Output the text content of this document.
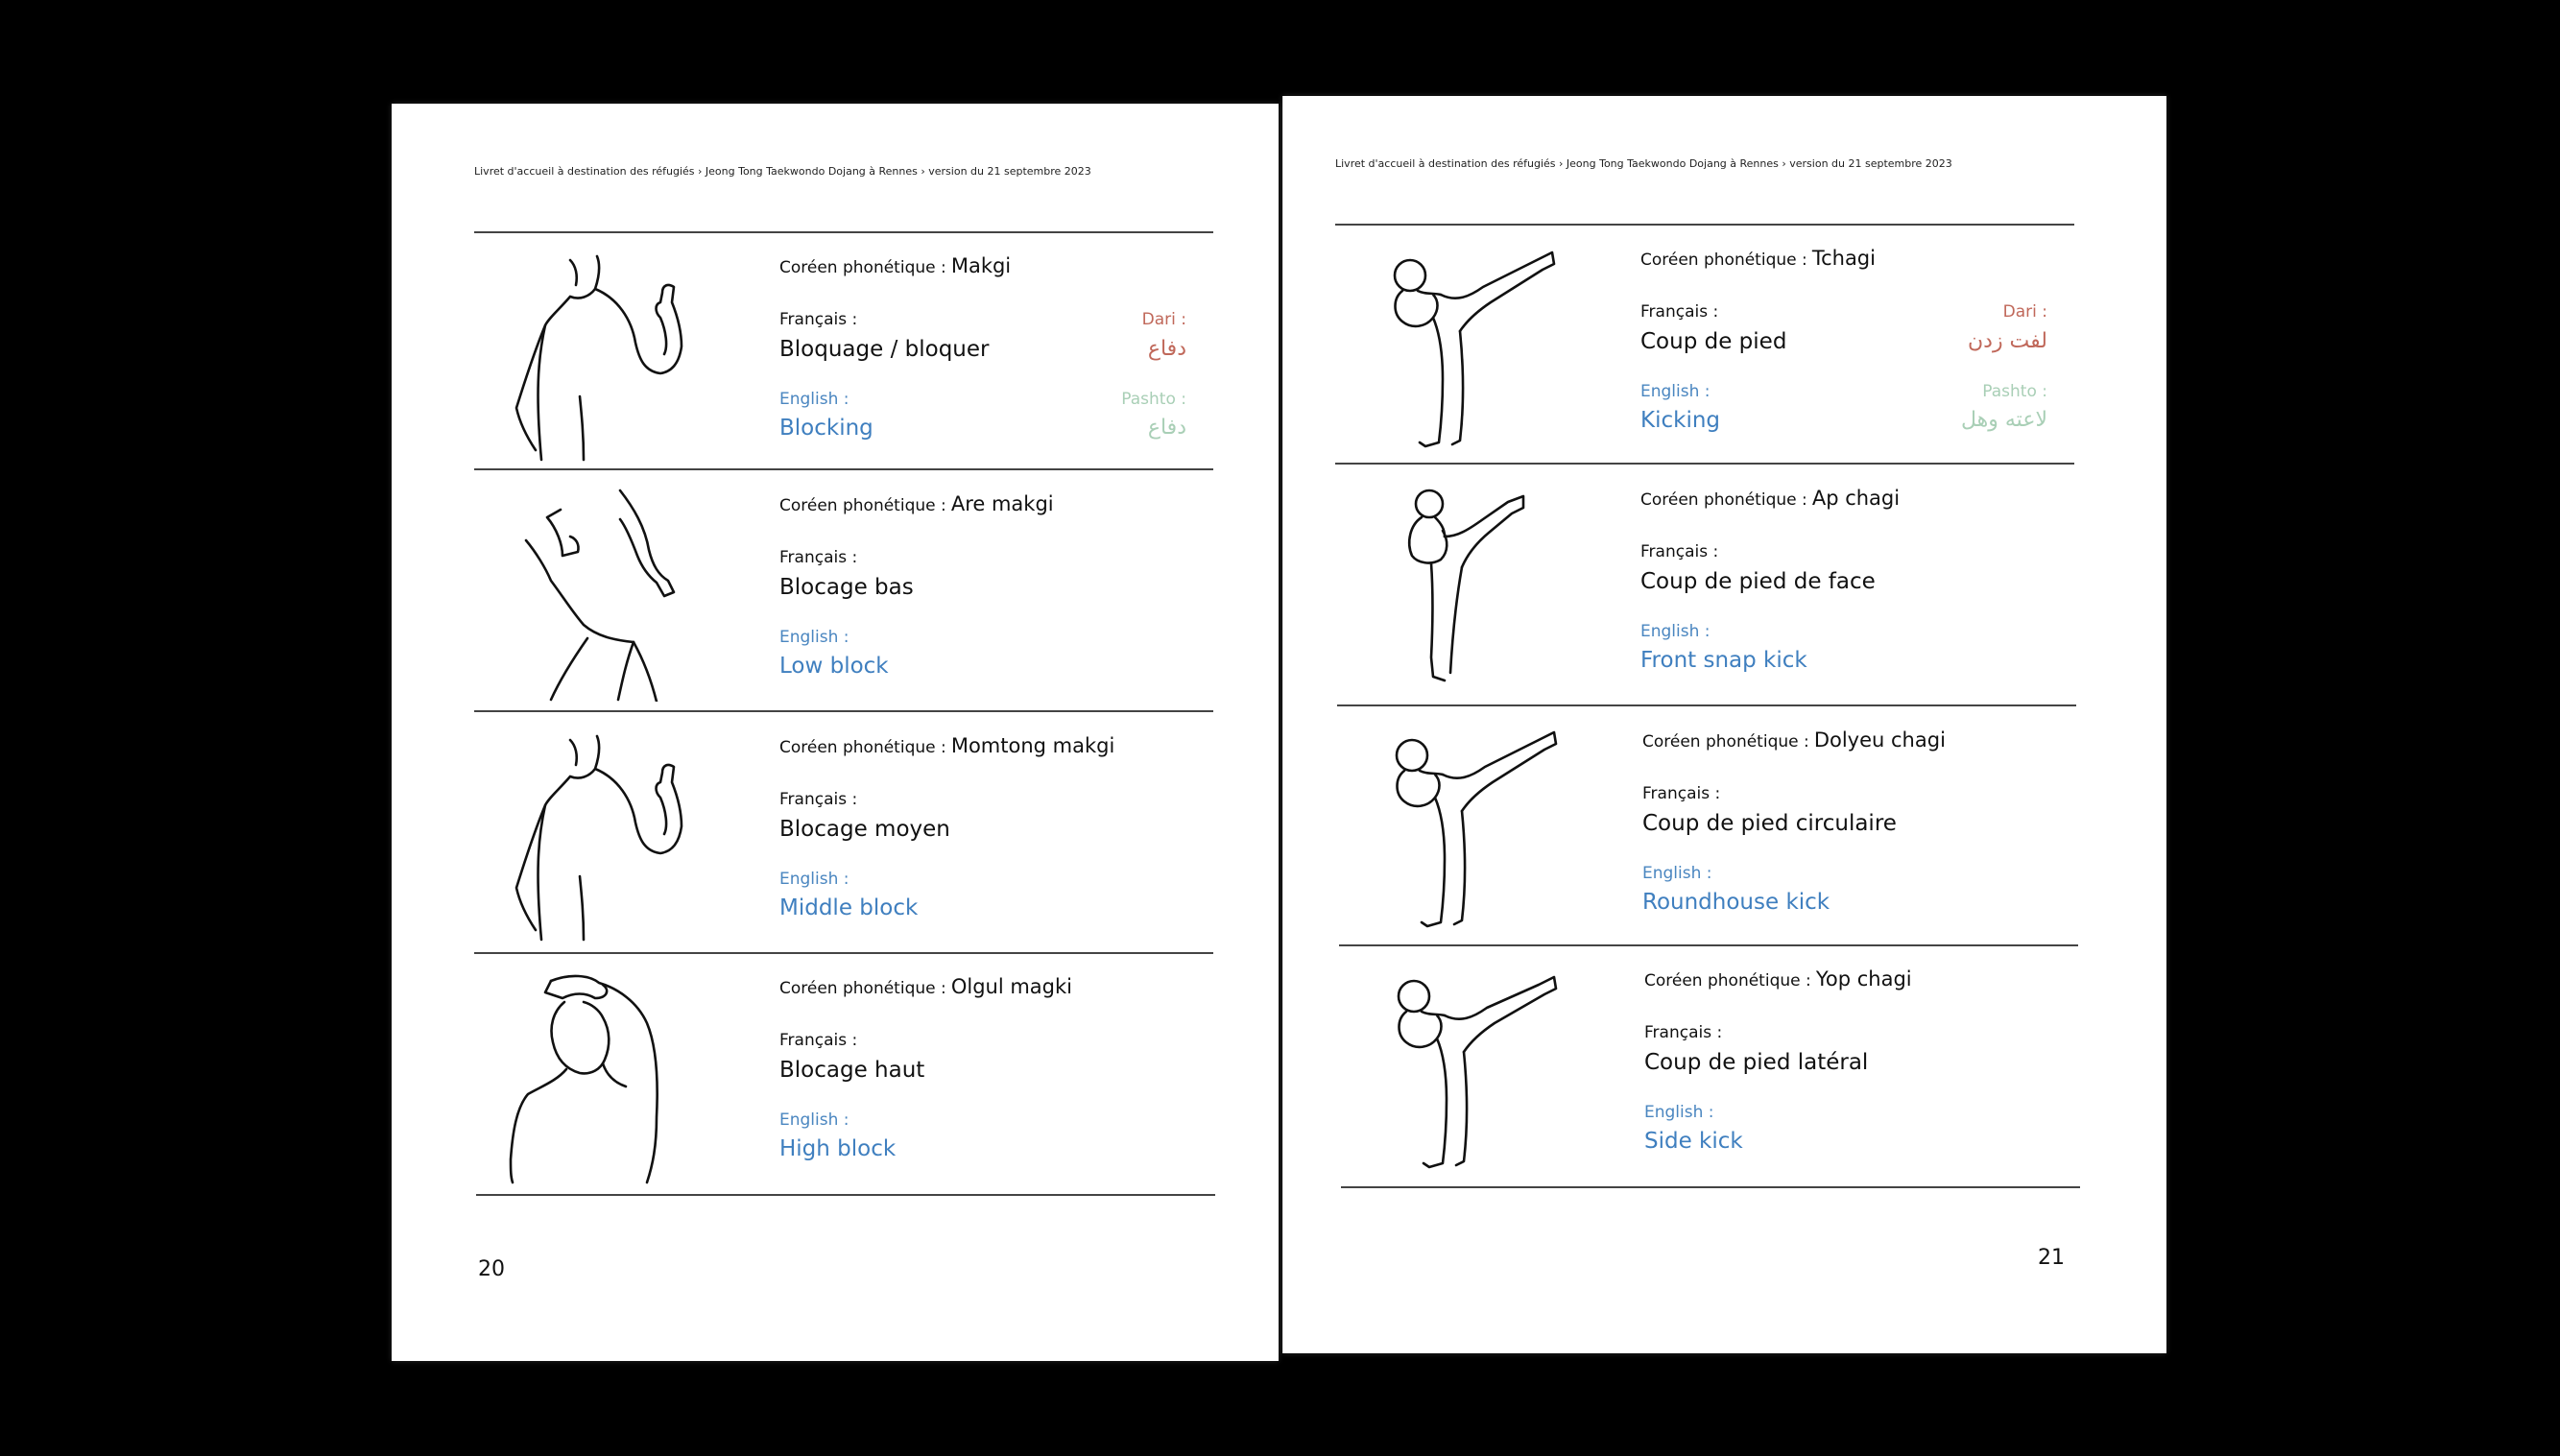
Livret d'accueil à destination des réfugiés › Jeong Tong Taekwondo Dojang à Rennes › version du 21 septembre 2023
Coréen phonétique : Makgi
Français :
Bloquage / bloquer
English :
Blocking
Dari :
دفاع
Pashto :
دفاع
Coréen phonétique : Are makgi
Français :
Blocage bas
English :
Low block
Coréen phonétique : Momtong makgi
Français :
Blocage moyen
English :
Middle block
Coréen phonétique : Olgul magki
Français :
Blocage haut
English :
High block
20
Livret d'accueil à destination des réfugiés › Jeong Tong Taekwondo Dojang à Rennes › version du 21 septembre 2023
Coréen phonétique : Tchagi
Français :
Coup de pied
English :
Kicking
Dari :
لفت زدن
Pashto :
لاعته وهل
Coréen phonétique : Ap chagi
Français :
Coup de pied de face
English :
Front snap kick
Coréen phonétique : Dolyeu chagi
Français :
Coup de pied circulaire
English :
Roundhouse kick
Coréen phonétique : Yop chagi
Français :
Coup de pied latéral
English :
Side kick
21
